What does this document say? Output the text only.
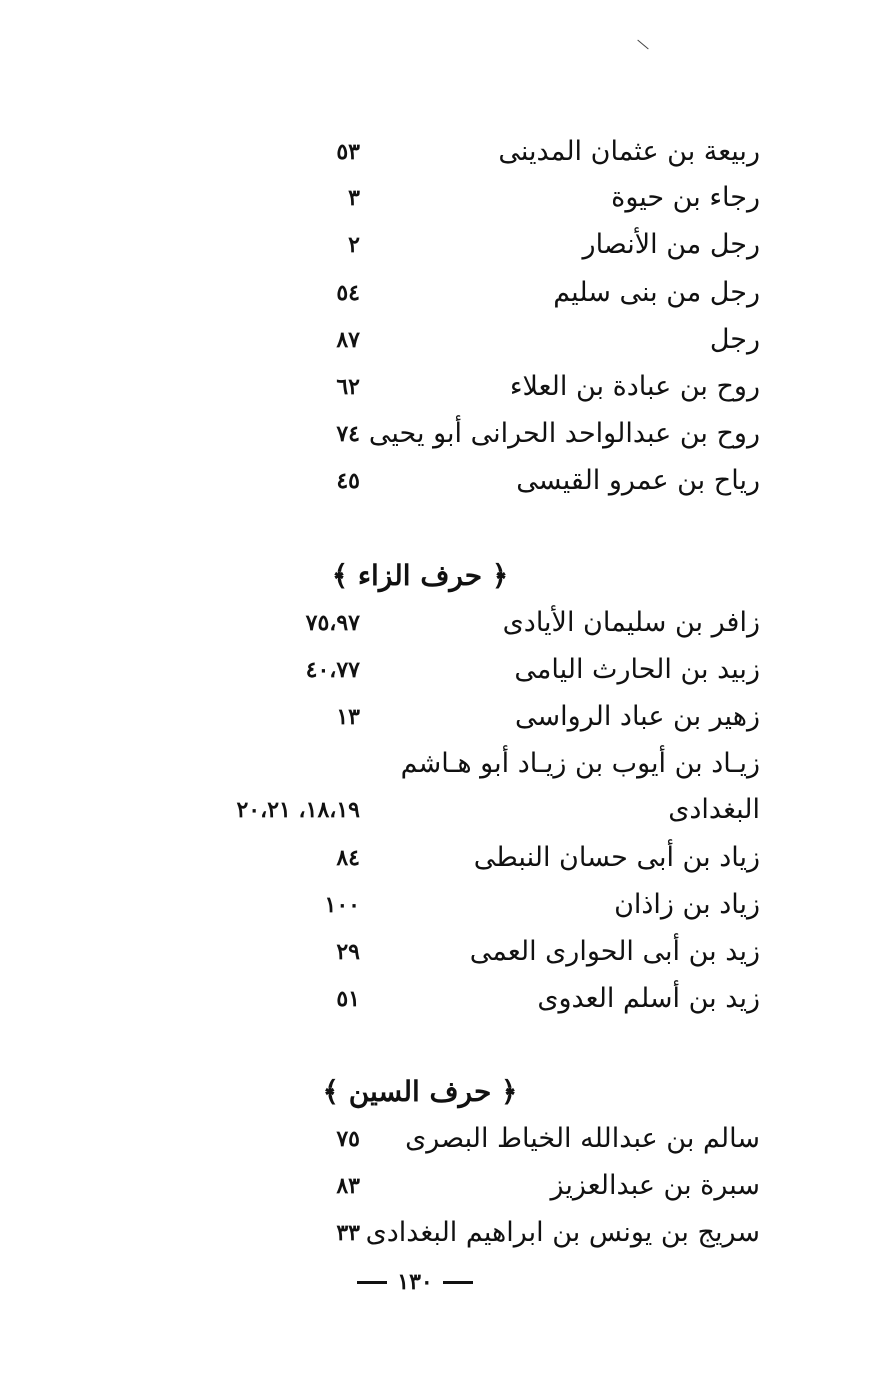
ربيعة بن عثمان المدينى
٥٣
رجاء بن حيوة
٣
رجل من الأنصار
٢
رجل من بنى سليم
٥٤
رجل
٨٧
روح بن عبادة بن العلاء
٦٢
روح بن عبدالواحد الحرانى أبو يحيى
٧٤
رياح بن عمرو القيسى
٤٥
﴿ حرف الزاء ﴾
زافر بن سليمان الأيادى
٧٥،٩٧
زبيد بن الحارث اليامى
٤٠،٧٧
زهير بن عباد الرواسى
١٣
زيـاد بن أيوب بن زيـاد أبو هـاشم
البغدادى
١٨،١٩، ٢٠،٢١
زياد بن أبى حسان النبطى
٨٤
زياد بن زاذان
١٠٠
زيد بن أبى الحوارى العمى
٢٩
زيد بن أسلم العدوى
٥١
﴿ حرف السين ﴾
سالم بن عبدالله الخياط البصرى
٧٥
سبرة بن عبدالعزيز
٨٣
سريج بن يونس بن ابراهيم البغدادى
٣٣
١٣٠
